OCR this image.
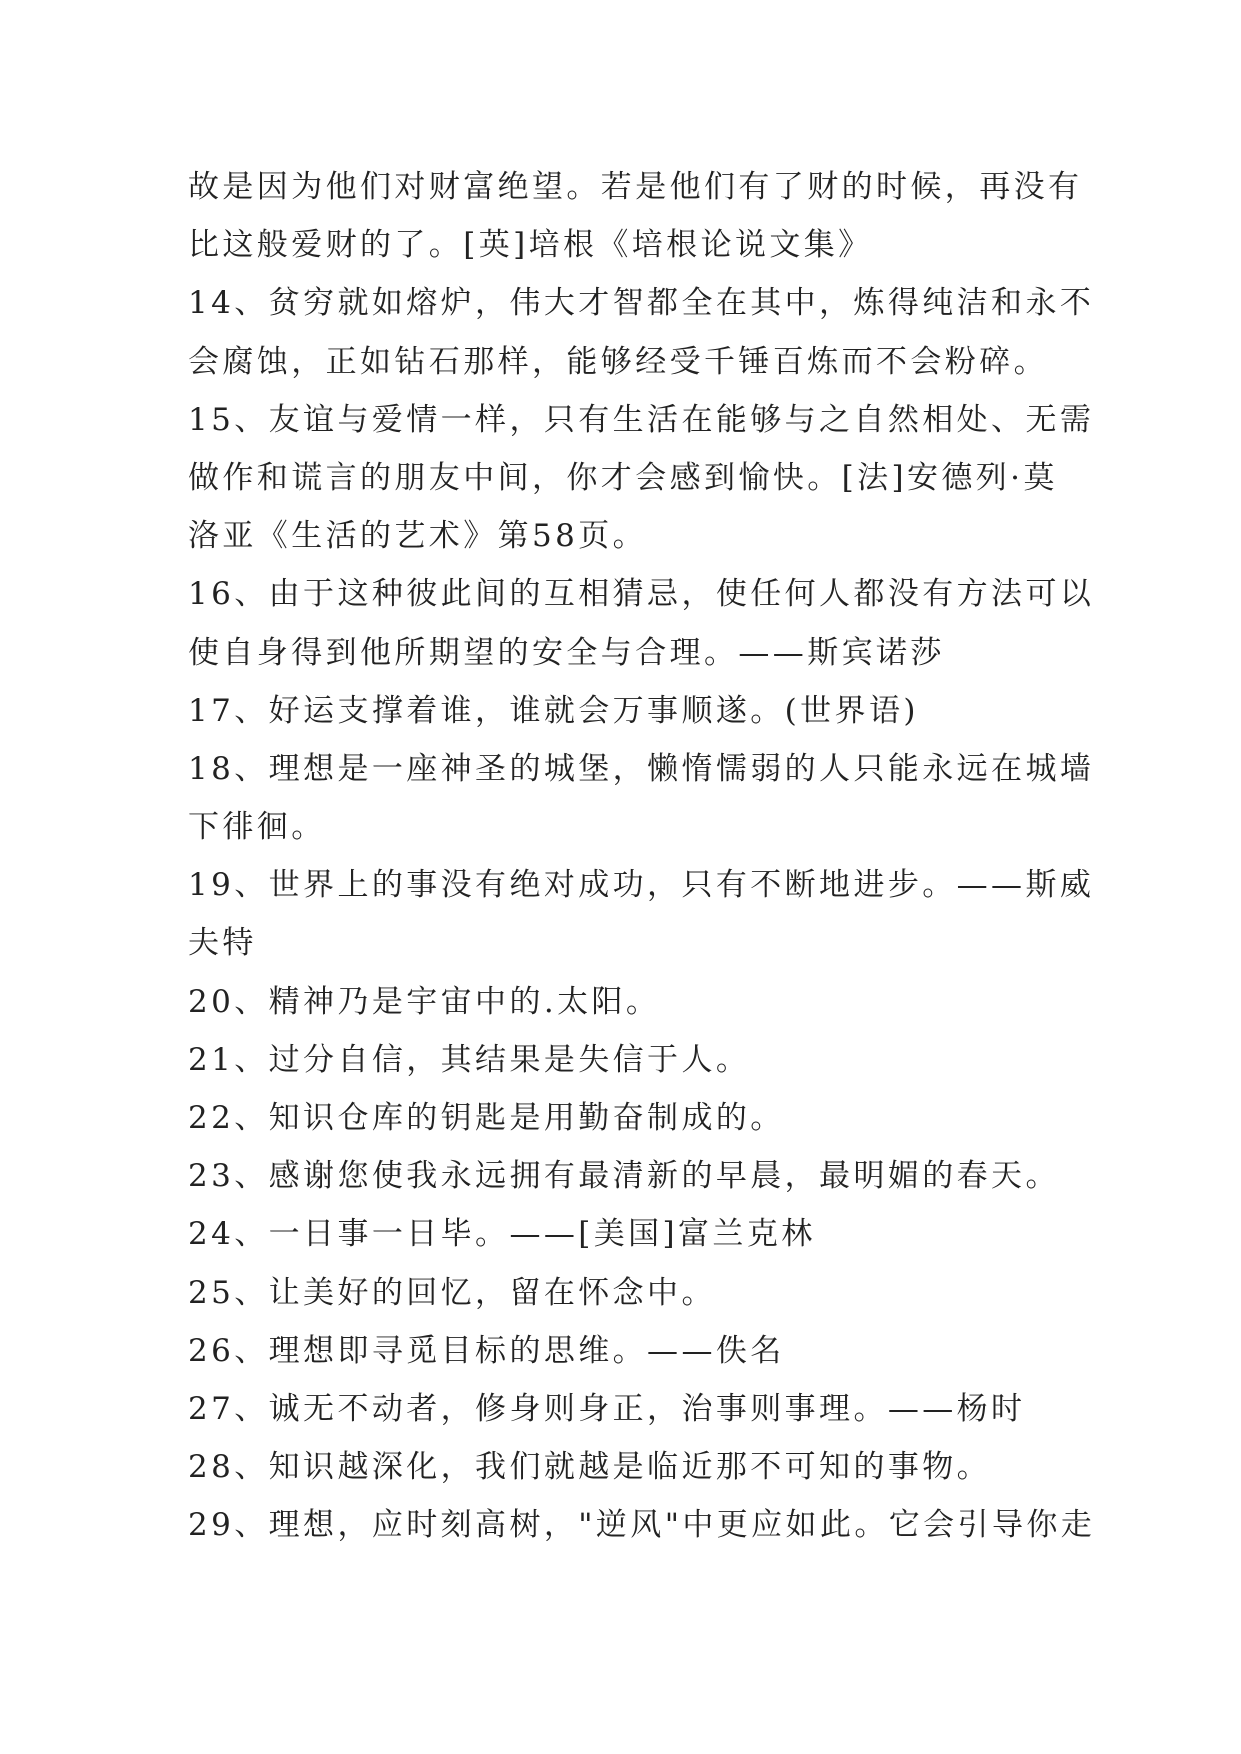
故是因为他们对财富绝望。若是他们有了财的时候，再没有
比这般爱财的了。[英]培根《培根论说文集》
14、贫穷就如熔炉，伟大才智都全在其中，炼得纯洁和永不
会腐蚀，正如钻石那样，能够经受千锤百炼而不会粉碎。
15、友谊与爱情一样，只有生活在能够与之自然相处、无需
做作和谎言的朋友中间，你才会感到愉快。[法]安德列·莫
洛亚《生活的艺术》第58页。
16、由于这种彼此间的互相猜忌，使任何人都没有方法可以
使自身得到他所期望的安全与合理。——斯宾诺莎
17、好运支撑着谁，谁就会万事顺遂。(世界语)
18、理想是一座神圣的城堡，懒惰懦弱的人只能永远在城墙
下徘徊。
19、世界上的事没有绝对成功，只有不断地进步。——斯威
夫特
20、精神乃是宇宙中的.太阳。
21、过分自信，其结果是失信于人。
22、知识仓库的钥匙是用勤奋制成的。
23、感谢您使我永远拥有最清新的早晨，最明媚的春天。
24、一日事一日毕。——[美国]富兰克林
25、让美好的回忆，留在怀念中。
26、理想即寻觅目标的思维。——佚名
27、诚无不动者，修身则身正，治事则事理。——杨时
28、知识越深化，我们就越是临近那不可知的事物。
29、理想，应时刻高树，"逆风"中更应如此。它会引导你走
